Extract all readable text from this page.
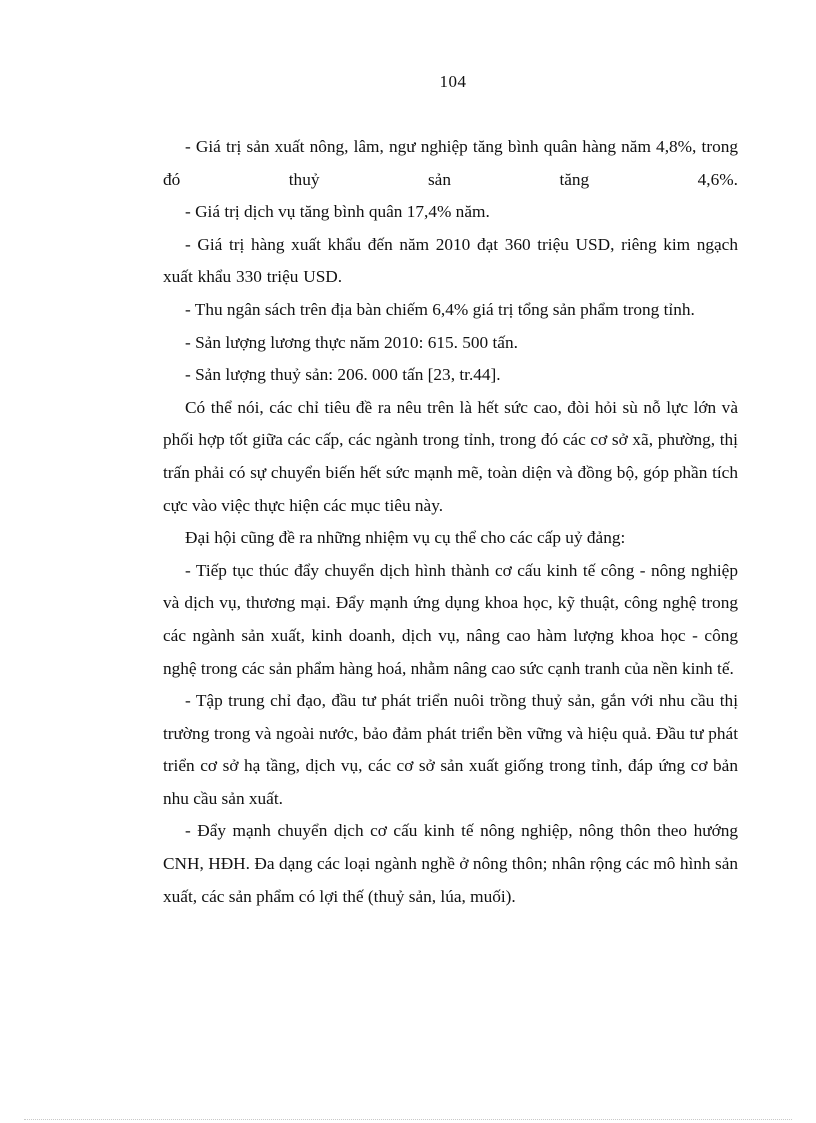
104

- Giá trị sản xuất nông, lâm, ngư nghiệp tăng bình quân hàng năm 4,8%, trong đó thuỷ sản tăng 4,6%.

- Giá trị dịch vụ tăng bình quân 17,4% năm.

- Giá trị hàng xuất khẩu đến năm 2010 đạt 360 triệu USD, riêng kim ngạch xuất khẩu 330 triệu USD.

- Thu ngân sách trên địa bàn chiếm 6,4% giá trị tổng sản phẩm trong tỉnh.

- Sản lượng lương thực năm 2010: 615. 500 tấn.

- Sản lượng thuỷ sản: 206. 000 tấn [23, tr.44].

Có thể nói, các chỉ tiêu đề ra nêu trên là hết sức cao, đòi hỏi sù nỗ lực lớn và phối hợp tốt giữa các cấp, các ngành trong tỉnh, trong đó các cơ sở xã, phường, thị trấn phải có sự chuyển biến hết sức mạnh mẽ, toàn diện và đồng bộ, góp phần tích cực vào việc thực hiện các mục tiêu này.

Đại hội cũng đề ra những nhiệm vụ cụ thể cho các cấp uỷ đảng:

- Tiếp tục thúc đẩy chuyển dịch hình thành cơ cấu kinh tế công - nông nghiệp và dịch vụ, thương mại. Đẩy mạnh ứng dụng khoa học, kỹ thuật, công nghệ trong các ngành sản xuất, kinh doanh, dịch vụ, nâng cao hàm lượng khoa học - công nghệ trong các sản phẩm hàng hoá, nhằm nâng cao sức cạnh tranh của nền kinh tế.

- Tập trung chỉ đạo, đầu tư phát triển nuôi trồng thuỷ sản, gắn với nhu cầu thị trường trong và ngoài nước, bảo đảm phát triển bền vững và hiệu quả. Đầu tư phát triển cơ sở hạ tầng, dịch vụ, các cơ sở sản xuất giống trong tỉnh, đáp ứng cơ bản nhu cầu sản xuất.

- Đẩy mạnh chuyển dịch cơ cấu kinh tế nông nghiệp, nông thôn theo hướng CNH, HĐH. Đa dạng các loại ngành nghề ở nông thôn; nhân rộng các mô hình sản xuất, các sản phẩm có lợi thế (thuỷ sản, lúa, muối).
